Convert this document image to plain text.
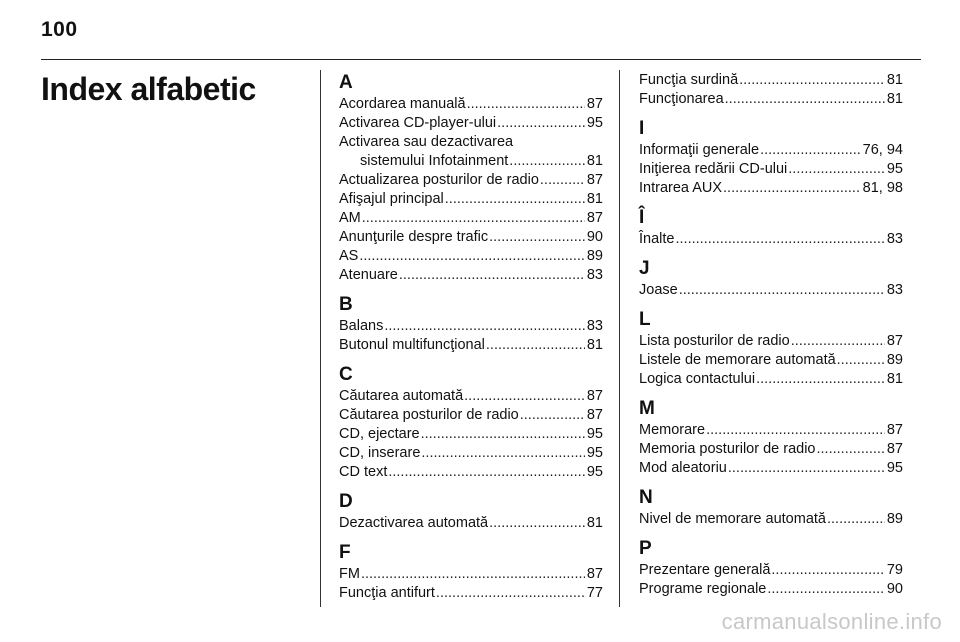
100
Index alfabetic	A
Acordarea manuală .....	87
Activarea CD-player-ului .....	95
Activarea sau dezactivarea
sistemului Infotainment .....	81
Actualizarea posturilor de radio .....	87
Afişajul principal .....	81
AM .....	87
Anunţurile despre trafic .....	90
AS .....	89
Atenuare .....	83
B
Balans .....	83
Butonul multifuncţional .....	81
C
Căutarea automată .....	87
Căutarea posturilor de radio .....	87
CD, ejectare .....	95
CD, inserare .....	95
CD text .....	95
D
Dezactivarea automată .....	81
F
FM .....	87
Funcţia antifurt .....	77
Funcţia surdină .....	81
Funcţionarea .....	81
I
Informaţii generale .....	76, 94
Iniţierea redării CD-ului .....	95
Intrarea AUX .....	81, 98
Î
Înalte .....	83
J
Joase .....	83
L
Lista posturilor de radio .....	87
Listele de memorare automată .....	89
Logica contactului .....	81
M
Memorare .....	87
Memoria posturilor de radio .....	87
Mod aleatoriu .....	95
N
Nivel de memorare automată .....	89
P
Prezentare generală .....	79
Programe regionale .....	90
carmanualsonline.info
